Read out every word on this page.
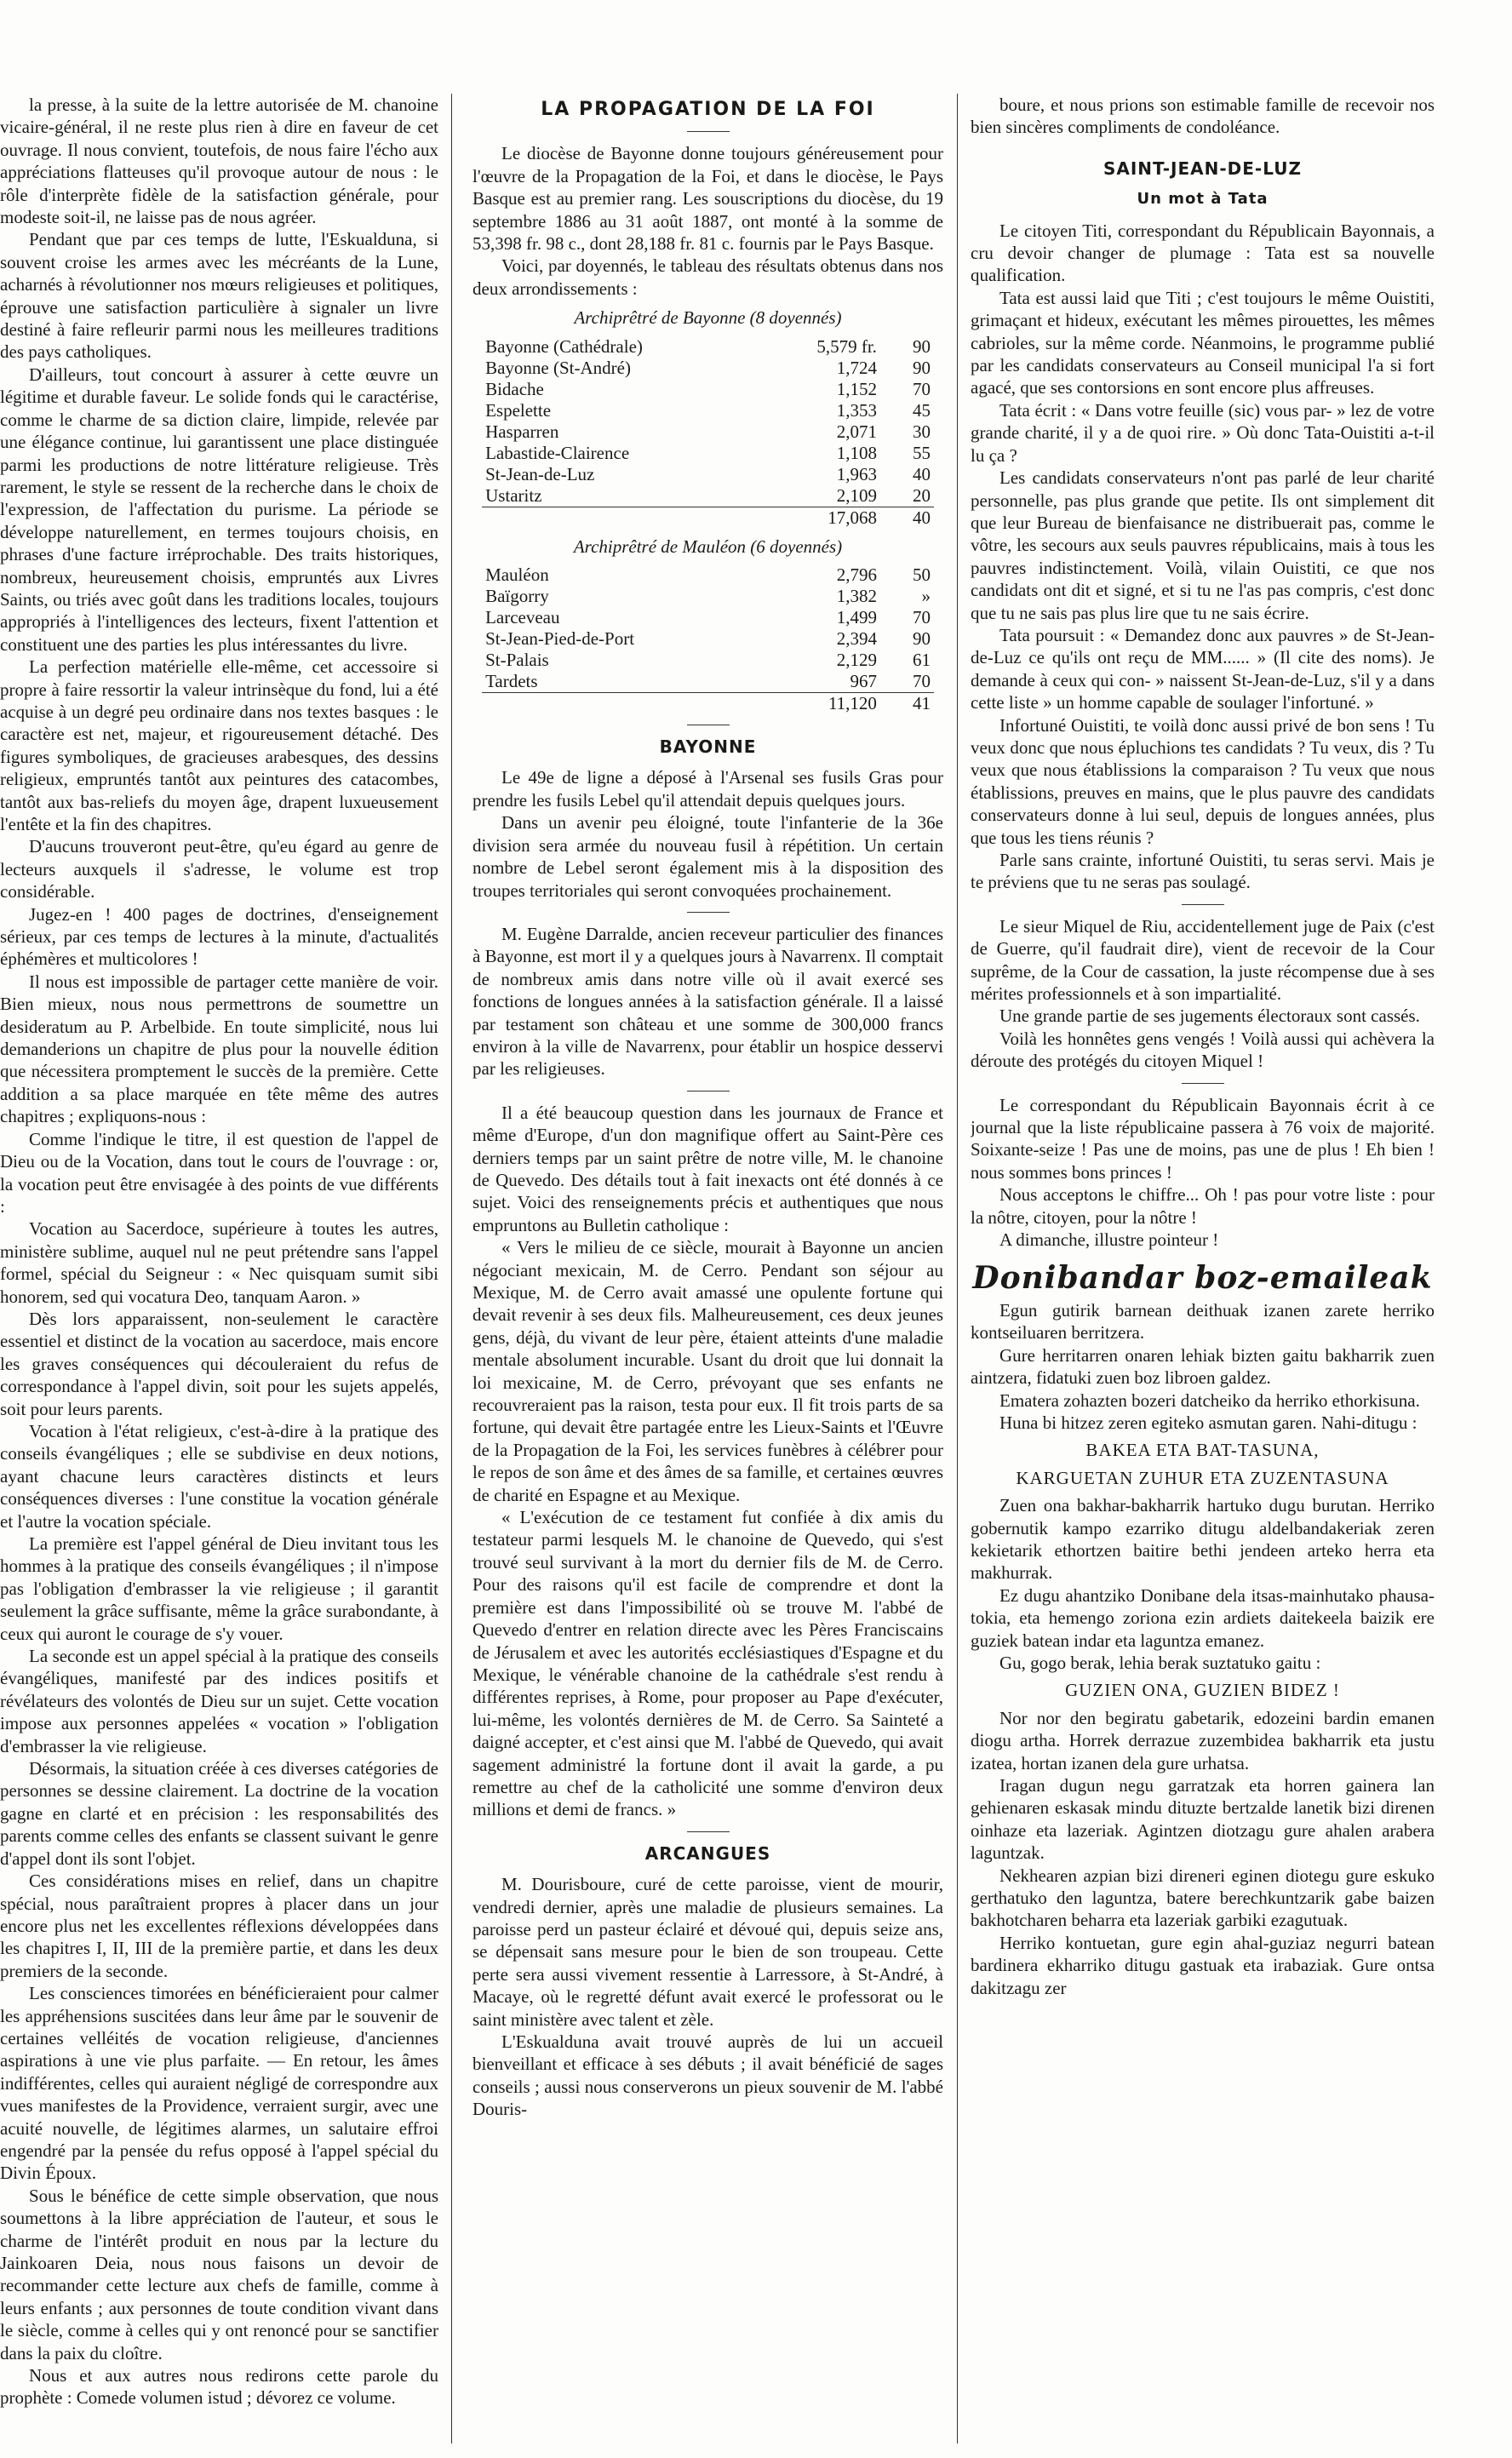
la presse, à la suite de la lettre autorisée de M. chanoine vicaire-général, il ne reste plus rien à dire en faveur de cet ouvrage. Il nous convient, toutefois, de nous faire l'écho aux appréciations flatteuses qu'il provoque autour de nous : le rôle d'interprète fidèle de la satisfaction générale, pour modeste soit-il, ne laisse pas de nous agréer.

Pendant que par ces temps de lutte, l'Eskualduna, si souvent croise les armes avec les mécréants de la Lune, acharnés à révolutionner nos mœurs religieuses et politiques, éprouve une satisfaction particulière à signaler un livre destiné à faire refleurir parmi nous les meilleures traditions des pays catholiques.

D'ailleurs, tout concourt à assurer à cette œuvre un légitime et durable faveur. Le solide fonds qui le caractérise, comme le charme de sa diction claire, limpide, relevée par une élégance continue, lui garantissent une place distinguée parmi les productions de notre littérature religieuse. Très rarement, le style se ressent de la recherche dans le choix de l'expression, de l'affectation du purisme. La période se développe naturellement, en termes toujours choisis, en phrases d'une facture irréprochable. Des traits historiques, nombreux, heureusement choisis, empruntés aux Livres Saints, ou triés avec goût dans les traditions locales, toujours appropriés à l'intelligences des lecteurs, fixent l'attention et constituent une des parties les plus intéressantes du livre.

La perfection matérielle elle-même, cet accessoire si propre à faire ressortir la valeur intrinsèque du fond, lui a été acquise à un degré peu ordinaire dans nos textes basques : le caractère est net, majeur, et rigoureusement détaché. Des figures symboliques, de gracieuses arabesques, des dessins religieux, empruntés tantôt aux peintures des catacombes, tantôt aux bas-reliefs du moyen âge, drapent luxueusement l'entête et la fin des chapitres.

D'aucuns trouveront peut-être, qu'eu égard au genre de lecteurs auxquels il s'adresse, le volume est trop considérable.

Jugez-en ! 400 pages de doctrines, d'enseignement sérieux, par ces temps de lectures à la minute, d'actualités éphémères et multicolores !

Il nous est impossible de partager cette manière de voir. Bien mieux, nous nous permettrons de soumettre un desideratum au P. Arbelbide. En toute simplicité, nous lui demanderions un chapitre de plus pour la nouvelle édition que nécessitera promptement le succès de la première. Cette addition a sa place marquée en tête même des autres chapitres ; expliquons-nous :

Comme l'indique le titre, il est question de l'appel de Dieu ou de la Vocation, dans tout le cours de l'ouvrage : or, la vocation peut être envisagée à des points de vue différents :

Vocation au Sacerdoce, supérieure à toutes les autres, ministère sublime, auquel nul ne peut prétendre sans l'appel formel, spécial du Seigneur : « Nec quisquam sumit sibi honorem, sed qui vocatura Deo, tanquam Aaron. »

Dès lors apparaissent, non-seulement le caractère essentiel et distinct de la vocation au sacerdoce, mais encore les graves conséquences qui découleraient du refus de correspondance à l'appel divin, soit pour les sujets appelés, soit pour leurs parents.

Vocation à l'état religieux, c'est-à-dire à la pratique des conseils évangéliques ; elle se subdivise en deux notions, ayant chacune leurs caractères distincts et leurs conséquences diverses : l'une constitue la vocation générale et l'autre la vocation spéciale.

La première est l'appel général de Dieu invitant tous les hommes à la pratique des conseils évangéliques ; il n'impose pas l'obligation d'embrasser la vie religieuse ; il garantit seulement la grâce suffisante, même la grâce surabondante, à ceux qui auront le courage de s'y vouer.

La seconde est un appel spécial à la pratique des conseils évangéliques, manifesté par des indices positifs et révélateurs des volontés de Dieu sur un sujet. Cette vocation impose aux personnes appelées « vocation » l'obligation d'embrasser la vie religieuse.

Désormais, la situation créée à ces diverses catégories de personnes se dessine clairement. La doctrine de la vocation gagne en clarté et en précision : les responsabilités des parents comme celles des enfants se classent suivant le genre d'appel dont ils sont l'objet.

Ces considérations mises en relief, dans un chapitre spécial, nous paraîtraient propres à placer dans un jour encore plus net les excellentes réflexions développées dans les chapitres I, II, III de la première partie, et dans les deux premiers de la seconde.

Les consciences timorées en bénéficieraient pour calmer les appréhensions suscitées dans leur âme par le souvenir de certaines velléités de vocation religieuse, d'anciennes aspirations à une vie plus parfaite. — En retour, les âmes indifférentes, celles qui auraient négligé de correspondre aux vues manifestes de la Providence, verraient surgir, avec une acuité nouvelle, de légitimes alarmes, un salutaire effroi engendré par la pensée du refus opposé à l'appel spécial du Divin Époux.

Sous le bénéfice de cette simple observation, que nous soumettons à la libre appréciation de l'auteur, et sous le charme de l'intérêt produit en nous par la lecture du Jainkoaren Deia, nous nous faisons un devoir de recommander cette lecture aux chefs de famille, comme à leurs enfants ; aux personnes de toute condition vivant dans le siècle, comme à celles qui y ont renoncé pour se sanctifier dans la paix du cloître.

Nous et aux autres nous redirons cette parole du prophète : Comede volumen istud ; dévorez ce volume.

LA PROPAGATION DE LA FOI

Le diocèse de Bayonne donne toujours généreusement pour l'œuvre de la Propagation de la Foi, et dans le diocèse, le Pays Basque est au premier rang. Les souscriptions du diocèse, du 19 septembre 1886 au 31 août 1887, ont monté à la somme de 53,398 fr. 98 c., dont 28,188 fr. 81 c. fournis par le Pays Basque.

Voici, par doyennés, le tableau des résultats obtenus dans nos deux arrondissements :

Archiprêtré de Bayonne (8 doyennés)
Bayonne (Cathédrale)	5,579 fr.	90
Bayonne (St-André)	1,724	90
Bidache	1,152	70
Espelette	1,353	45
Hasparren	2,071	30
Labastide-Clairence	1,108	55
St-Jean-de-Luz	1,963	40
Ustaritz	2,109	20
	17,068	40
Archiprêtré de Mauléon (6 doyennés)
Mauléon	2,796	50
Baïgorry	1,382	»
Larceveau	1,499	70
St-Jean-Pied-de-Port	2,394	90
St-Palais	2,129	61
Tardets	967	70
	11,120	41
BAYONNE

Le 49e de ligne a déposé à l'Arsenal ses fusils Gras pour prendre les fusils Lebel qu'il attendait depuis quelques jours.

Dans un avenir peu éloigné, toute l'infanterie de la 36e division sera armée du nouveau fusil à répétition. Un certain nombre de Lebel seront également mis à la disposition des troupes territoriales qui seront convoquées prochainement.

M. Eugène Darralde, ancien receveur particulier des finances à Bayonne, est mort il y a quelques jours à Navarrenx. Il comptait de nombreux amis dans notre ville où il avait exercé ses fonctions de longues années à la satisfaction générale. Il a laissé par testament son château et une somme de 300,000 francs environ à la ville de Navarrenx, pour établir un hospice desservi par les religieuses.

Il a été beaucoup question dans les journaux de France et même d'Europe, d'un don magnifique offert au Saint-Père ces derniers temps par un saint prêtre de notre ville, M. le chanoine de Quevedo. Des détails tout à fait inexacts ont été donnés à ce sujet. Voici des renseignements précis et authentiques que nous empruntons au Bulletin catholique :

« Vers le milieu de ce siècle, mourait à Bayonne un ancien négociant mexicain, M. de Cerro. Pendant son séjour au Mexique, M. de Cerro avait amassé une opulente fortune qui devait revenir à ses deux fils. Malheureusement, ces deux jeunes gens, déjà, du vivant de leur père, étaient atteints d'une maladie mentale absolument incurable. Usant du droit que lui donnait la loi mexicaine, M. de Cerro, prévoyant que ses enfants ne recouvreraient pas la raison, testa pour eux. Il fit trois parts de sa fortune, qui devait être partagée entre les Lieux-Saints et l'Œuvre de la Propagation de la Foi, les services funèbres à célébrer pour le repos de son âme et des âmes de sa famille, et certaines œuvres de charité en Espagne et au Mexique.

« L'exécution de ce testament fut confiée à dix amis du testateur parmi lesquels M. le chanoine de Quevedo, qui s'est trouvé seul survivant à la mort du dernier fils de M. de Cerro. Pour des raisons qu'il est facile de comprendre et dont la première est dans l'impossibilité où se trouve M. l'abbé de Quevedo d'entrer en relation directe avec les Pères Franciscains de Jérusalem et avec les autorités ecclésiastiques d'Espagne et du Mexique, le vénérable chanoine de la cathédrale s'est rendu à différentes reprises, à Rome, pour proposer au Pape d'exécuter, lui-même, les volontés dernières de M. de Cerro. Sa Sainteté a daigné accepter, et c'est ainsi que M. l'abbé de Quevedo, qui avait sagement administré la fortune dont il avait la garde, a pu remettre au chef de la catholicité une somme d'environ deux millions et demi de francs. »

ARCANGUES

M. Dourisboure, curé de cette paroisse, vient de mourir, vendredi dernier, après une maladie de plusieurs semaines. La paroisse perd un pasteur éclairé et dévoué qui, depuis seize ans, se dépensait sans mesure pour le bien de son troupeau. Cette perte sera aussi vivement ressentie à Larressore, à St-André, à Macaye, où le regretté défunt avait exercé le professorat ou le saint ministère avec talent et zèle.

L'Eskualduna avait trouvé auprès de lui un accueil bienveillant et efficace à ses débuts ; il avait bénéficié de sages conseils ; aussi nous conserverons un pieux souvenir de M. l'abbé Douris-

boure, et nous prions son estimable famille de recevoir nos bien sincères compliments de condoléance.

SAINT-JEAN-DE-LUZ
Un mot à Tata

Le citoyen Titi, correspondant du Républicain Bayonnais, a cru devoir changer de plumage : Tata est sa nouvelle qualification.

Tata est aussi laid que Titi ; c'est toujours le même Ouistiti, grimaçant et hideux, exécutant les mêmes pirouettes, les mêmes cabrioles, sur la même corde. Néanmoins, le programme publié par les candidats conservateurs au Conseil municipal l'a si fort agacé, que ses contorsions en sont encore plus affreuses.

Tata écrit : « Dans votre feuille (sic) vous par- » lez de votre grande charité, il y a de quoi rire. » Où donc Tata-Ouistiti a-t-il lu ça ?

Les candidats conservateurs n'ont pas parlé de leur charité personnelle, pas plus grande que petite. Ils ont simplement dit que leur Bureau de bienfaisance ne distribuerait pas, comme le vôtre, les secours aux seuls pauvres républicains, mais à tous les pauvres indistinctement. Voilà, vilain Ouistiti, ce que nos candidats ont dit et signé, et si tu ne l'as pas compris, c'est donc que tu ne sais pas plus lire que tu ne sais écrire.

Tata poursuit : « Demandez donc aux pauvres » de St-Jean-de-Luz ce qu'ils ont reçu de MM...... » (Il cite des noms). Je demande à ceux qui con- » naissent St-Jean-de-Luz, s'il y a dans cette liste » un homme capable de soulager l'infortuné. »

Infortuné Ouistiti, te voilà donc aussi privé de bon sens ! Tu veux donc que nous épluchions tes candidats ? Tu veux, dis ? Tu veux que nous établissions la comparaison ? Tu veux que nous établissions, preuves en mains, que le plus pauvre des candidats conservateurs donne à lui seul, depuis de longues années, plus que tous les tiens réunis ?

Parle sans crainte, infortuné Ouistiti, tu seras servi. Mais je te préviens que tu ne seras pas soulagé.

Le sieur Miquel de Riu, accidentellement juge de Paix (c'est de Guerre, qu'il faudrait dire), vient de recevoir de la Cour suprême, de la Cour de cassation, la juste récompense due à ses mérites professionnels et à son impartialité.

Une grande partie de ses jugements électoraux sont cassés.

Voilà les honnêtes gens vengés ! Voilà aussi qui achèvera la déroute des protégés du citoyen Miquel !

Le correspondant du Républicain Bayonnais écrit à ce journal que la liste républicaine passera à 76 voix de majorité. Soixante-seize ! Pas une de moins, pas une de plus ! Eh bien ! nous sommes bons princes !

Nous acceptons le chiffre... Oh ! pas pour votre liste : pour la nôtre, citoyen, pour la nôtre !

A dimanche, illustre pointeur !

Donibandar boz-emaileak

Egun gutirik barnean deithuak izanen zarete herriko kontseiluaren berritzera.

Gure herritarren onaren lehiak bizten gaitu bakharrik zuen aintzera, fidatuki zuen boz libroen galdez.

Ematera zohazten bozeri datcheiko da herriko ethorkisuna.

Huna bi hitzez zeren egiteko asmutan garen. Nahi-ditugu :

BAKEA ETA BAT-TASUNA,
KARGUETAN ZUHUR ETA ZUZENTASUNA

Zuen ona bakhar-bakharrik hartuko dugu burutan. Herriko gobernutik kampo ezarriko ditugu aldelbandakeriak zeren kekietarik ethortzen baitire bethi jendeen arteko herra eta makhurrak.

Ez dugu ahantziko Donibane dela itsas-mainhutako phausa-tokia, eta hemengo zoriona ezin ardiets daitekeela baizik ere guziek batean indar eta laguntza emanez.

Gu, gogo berak, lehia berak suztatuko gaitu :

GUZIEN ONA, GUZIEN BIDEZ !

Nor nor den begiratu gabetarik, edozeini bardin emanen diogu artha. Horrek derrazue zuzembidea bakharrik eta justu izatea, hortan izanen dela gure urhatsa.

Iragan dugun negu garratzak eta horren gainera lan gehienaren eskasak mindu dituzte bertzalde lanetik bizi direnen oinhaze eta lazeriak. Agintzen diotzagu gure ahalen arabera laguntzak.

Nekhearen azpian bizi direneri eginen diotegu gure eskuko gerthatuko den laguntza, batere berechkuntzarik gabe baizen bakhotcharen beharra eta lazeriak garbiki ezagutuak.

Herriko kontuetan, gure egin ahal-guziaz negurri batean bardinera ekharriko ditugu gastuak eta irabaziak. Gure ontsa dakitzagu zer
